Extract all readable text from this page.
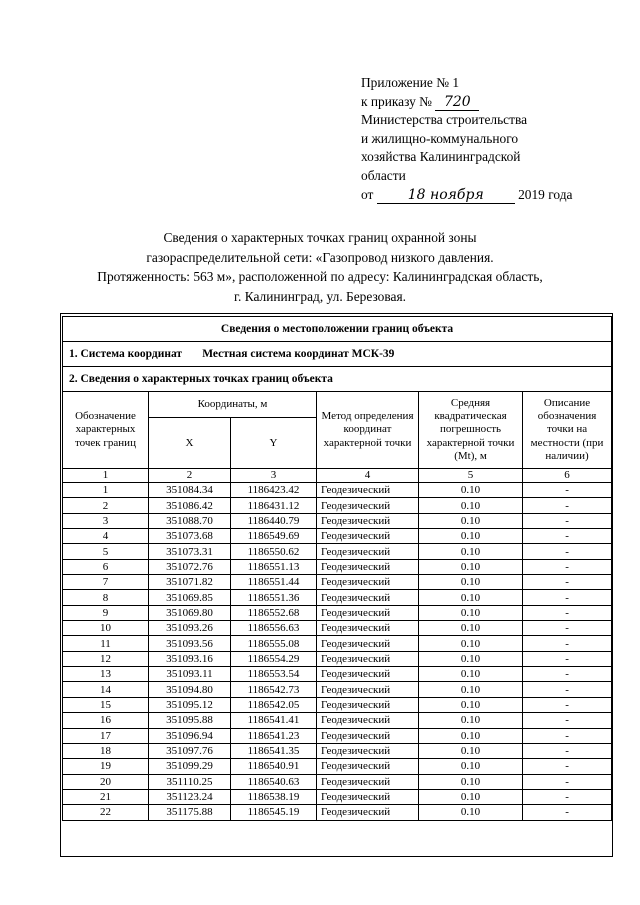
Приложение № 1
к приказу № 720
Министерства строительства
и жилищно-коммунального
хозяйства Калининградской
области
от 18 ноября	2019 года
Сведения о характерных точках границ охранной зоны
газораспределительной сети: «Газопровод низкого давления.
Протяженность: 563 м», расположенной по адресу: Калининградская область,
г. Калининград, ул. Березовая.
Сведения о местоположении границ объекта					
1. Система координат Местная система координат МСК-39					
2. Сведения о характерных точках границ объекта					
Обозначение характерных точек границ	Координаты, м		Метод определения координат характерной точки	Средняя квадратическая погрешность характерной точки (Mt), м	Описание обозначения точки на местности (при наличии)
	X	Y			
1	2	3	4	5	6
1	351084.34	1186423.42	Геодезический	0.10	-
2	351086.42	1186431.12	Геодезический	0.10	-
3	351088.70	1186440.79	Геодезический	0.10	-
4	351073.68	1186549.69	Геодезический	0.10	-
5	351073.31	1186550.62	Геодезический	0.10	-
6	351072.76	1186551.13	Геодезический	0.10	-
7	351071.82	1186551.44	Геодезический	0.10	-
8	351069.85	1186551.36	Геодезический	0.10	-
9	351069.80	1186552.68	Геодезический	0.10	-
10	351093.26	1186556.63	Геодезический	0.10	-
11	351093.56	1186555.08	Геодезический	0.10	-
12	351093.16	1186554.29	Геодезический	0.10	-
13	351093.11	1186553.54	Геодезический	0.10	-
14	351094.80	1186542.73	Геодезический	0.10	-
15	351095.12	1186542.05	Геодезический	0.10	-
16	351095.88	1186541.41	Геодезический	0.10	-
17	351096.94	1186541.23	Геодезический	0.10	-
18	351097.76	1186541.35	Геодезический	0.10	-
19	351099.29	1186540.91	Геодезический	0.10	-
20	351110.25	1186540.63	Геодезический	0.10	-
21	351123.24	1186538.19	Геодезический	0.10	-
22	351175.88	1186545.19	Геодезический	0.10	-
